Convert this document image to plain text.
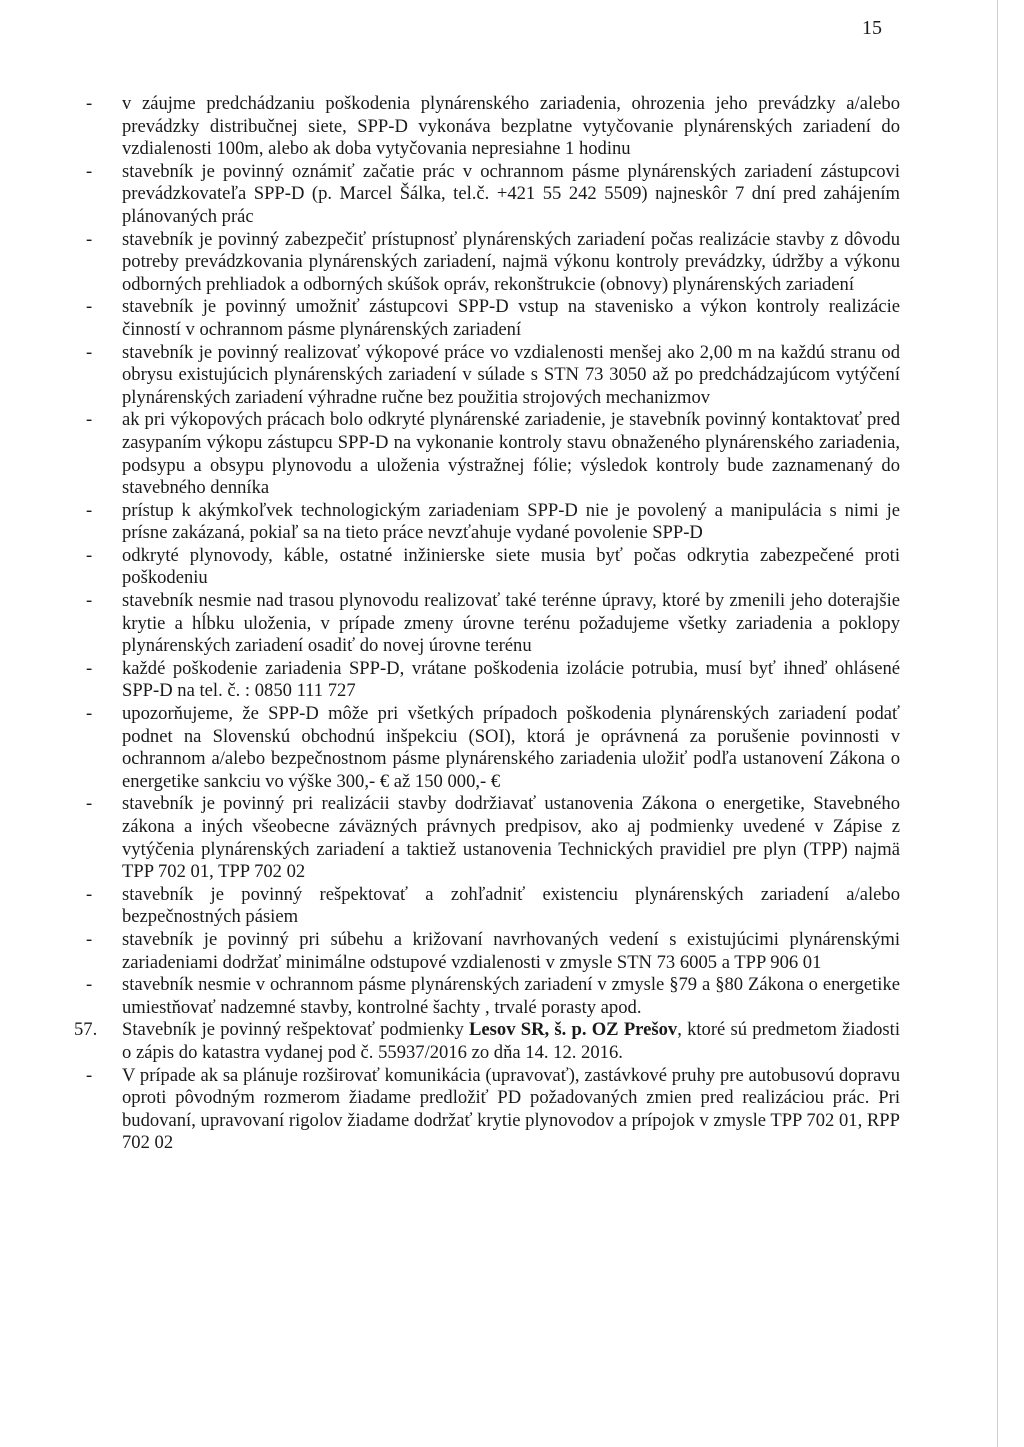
15
-	v záujme predchádzaniu poškodenia plynárenského zariadenia, ohrozenia jeho prevádzky a/alebo prevádzky distribučnej siete, SPP-D vykonáva bezplatne vytyčovanie plynárenských zariadení do vzdialenosti 100m, alebo ak doba vytyčovania nepresiahne 1 hodinu
-	stavebník je povinný oznámiť začatie prác v ochrannom pásme plynárenských zariadení zástupcovi prevádzkovateľa SPP-D (p. Marcel Šálka, tel.č. +421 55 242 5509) najneskôr 7 dní pred zahájením plánovaných prác
-	stavebník je povinný zabezpečiť prístupnosť plynárenských zariadení počas realizácie stavby z dôvodu potreby prevádzkovania plynárenských zariadení, najmä výkonu kontroly prevádzky, údržby a výkonu odborných prehliadok a odborných skúšok opráv, rekonštrukcie (obnovy) plynárenských zariadení
-	stavebník je povinný umožniť zástupcovi SPP-D vstup na stavenisko a výkon kontroly realizácie činností v ochrannom pásme plynárenských zariadení
-	stavebník je povinný realizovať výkopové práce vo vzdialenosti menšej ako 2,00 m na každú stranu od obrysu existujúcich plynárenských zariadení v súlade s STN 73 3050 až po predchádzajúcom vytýčení plynárenských zariadení výhradne ručne bez použitia strojových mechanizmov
-	ak pri výkopových prácach bolo odkryté plynárenské zariadenie, je stavebník povinný kontaktovať pred zasypaním výkopu zástupcu SPP-D na vykonanie kontroly stavu obnaženého plynárenského zariadenia, podsypu a obsypu plynovodu a uloženia výstražnej fólie; výsledok kontroly bude zaznamenaný do stavebného denníka
-	prístup k akýmkoľvek technologickým zariadeniam SPP-D nie je povolený a manipulácia s nimi je prísne zakázaná, pokiaľ sa na tieto práce nevzťahuje vydané povolenie SPP-D
-	odkryté plynovody, káble, ostatné inžinierske siete musia byť počas odkrytia zabezpečené proti poškodeniu
-	stavebník nesmie nad trasou plynovodu realizovať také terénne úpravy, ktoré by zmenili jeho doterajšie krytie a hĺbku uloženia, v prípade zmeny úrovne terénu požadujeme všetky zariadenia a poklopy plynárenských zariadení osadiť do novej úrovne terénu
-	každé poškodenie zariadenia SPP-D, vrátane poškodenia izolácie potrubia, musí byť ihneď ohlásené SPP-D na tel. č. : 0850 111 727
-	upozorňujeme, že SPP-D môže pri všetkých prípadoch poškodenia plynárenských zariadení podať podnet na Slovenskú obchodnú inšpekciu (SOI), ktorá je oprávnená za porušenie povinnosti v ochrannom a/alebo bezpečnostnom pásme plynárenského zariadenia uložiť podľa ustanovení Zákona o energetike sankciu vo výške 300,- € až 150 000,- €
-	stavebník je povinný pri realizácii stavby dodržiavať ustanovenia Zákona o energetike, Stavebného zákona a iných všeobecne záväzných právnych predpisov, ako aj podmienky uvedené v Zápise z vytýčenia plynárenských zariadení a taktiež ustanovenia Technických pravidiel pre plyn (TPP) najmä TPP 702 01, TPP 702 02
-	stavebník je povinný rešpektovať a zohľadniť existenciu plynárenských zariadení a/alebo bezpečnostných pásiem
-	stavebník je povinný pri súbehu a križovaní navrhovaných vedení s existujúcimi plynárenskými zariadeniami dodržať minimálne odstupové vzdialenosti v zmysle STN 73 6005 a TPP 906 01
-	stavebník nesmie v ochrannom pásme plynárenských zariadení v zmysle §79 a §80 Zákona o energetike umiestňovať nadzemné stavby, kontrolné šachty , trvalé porasty apod.
57.	Stavebník je povinný rešpektovať podmienky Lesov SR, š. p. OZ Prešov, ktoré sú predmetom žiadosti o zápis do katastra vydanej pod č. 55937/2016 zo dňa 14. 12. 2016.
-	V prípade ak sa plánuje rozširovať komunikácia (upravovať), zastávkové pruhy pre autobusovú dopravu oproti pôvodným rozmerom žiadame predložiť PD požadovaných zmien pred realizáciou prác. Pri budovaní, upravovaní rigolov žiadame dodržať krytie plynovodov a prípojok v zmysle TPP 702 01, RPP 702 02
